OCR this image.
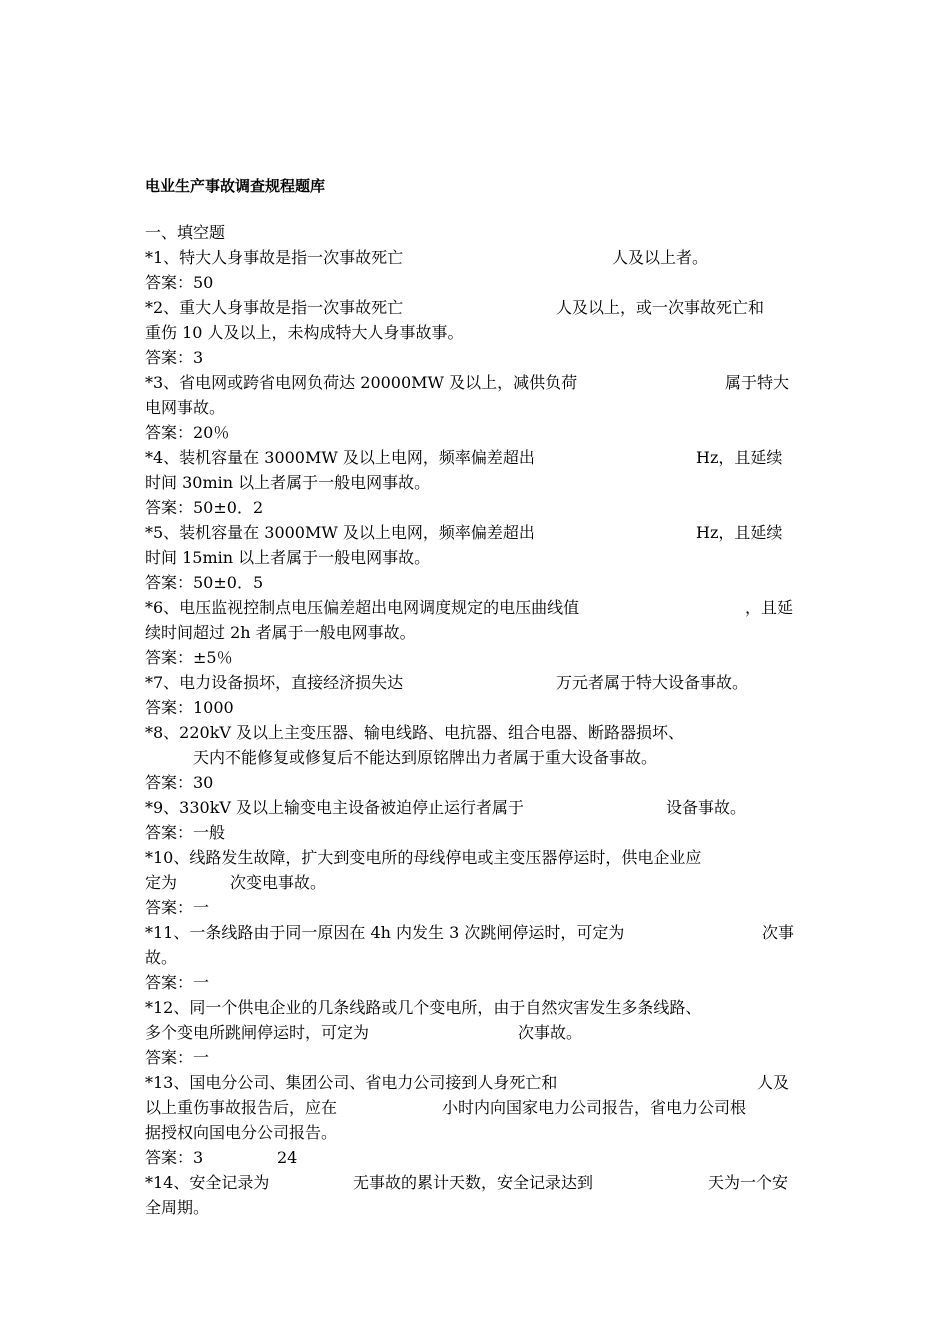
电业生产事故调查规程题库
一、填空题
*1、特大人身事故是指一次事故死亡	人及以上者。
答案：50
*2、重大人身事故是指一次事故死亡	人及以上，或一次事故死亡和
重伤 10 人及以上，未构成特大人身事故事。
答案：3
*3、省电网或跨省电网负荷达 20000MW 及以上，减供负荷	属于特大
电网事故。
答案：20％
*4、装机容量在 3000MW 及以上电网，频率偏差超出	Hz，且延续
时间 30min 以上者属于一般电网事故。
答案：50±0．2
*5、装机容量在 3000MW 及以上电网，频率偏差超出	Hz，且延续
时间 15min 以上者属于一般电网事故。
答案：50±0．5
*6、电压监视控制点电压偏差超出电网调度规定的电压曲线值	，且延
续时间超过 2h 者属于一般电网事故。
答案：±5％
*7、电力设备损坏，直接经济损失达	万元者属于特大设备事故。
答案：1000
*8、220kV 及以上主变压器、输电线路、电抗器、组合电器、断路器损坏、
天内不能修复或修复后不能达到原铭牌出力者属于重大设备事故。
答案：30
*9、330kV 及以上输变电主设备被迫停止运行者属于	设备事故。
答案：一般
*10、线路发生故障，扩大到变电所的母线停电或主变压器停运时，供电企业应
定为	次变电事故。
答案：一
*11、一条线路由于同一原因在 4h 内发生 3 次跳闸停运时，可定为	次事
故。
答案：一
*12、同一个供电企业的几条线路或几个变电所，由于自然灾害发生多条线路、
多个变电所跳闸停运时，可定为	次事故。
答案：一
*13、国电分公司、集团公司、省电力公司接到人身死亡和	人及
以上重伤事故报告后，应在	小时内向国家电力公司报告，省电力公司根
据授权向国电分公司报告。
答案：3	24
*14、安全记录为	无事故的累计天数，安全记录达到	天为一个安
全周期。
